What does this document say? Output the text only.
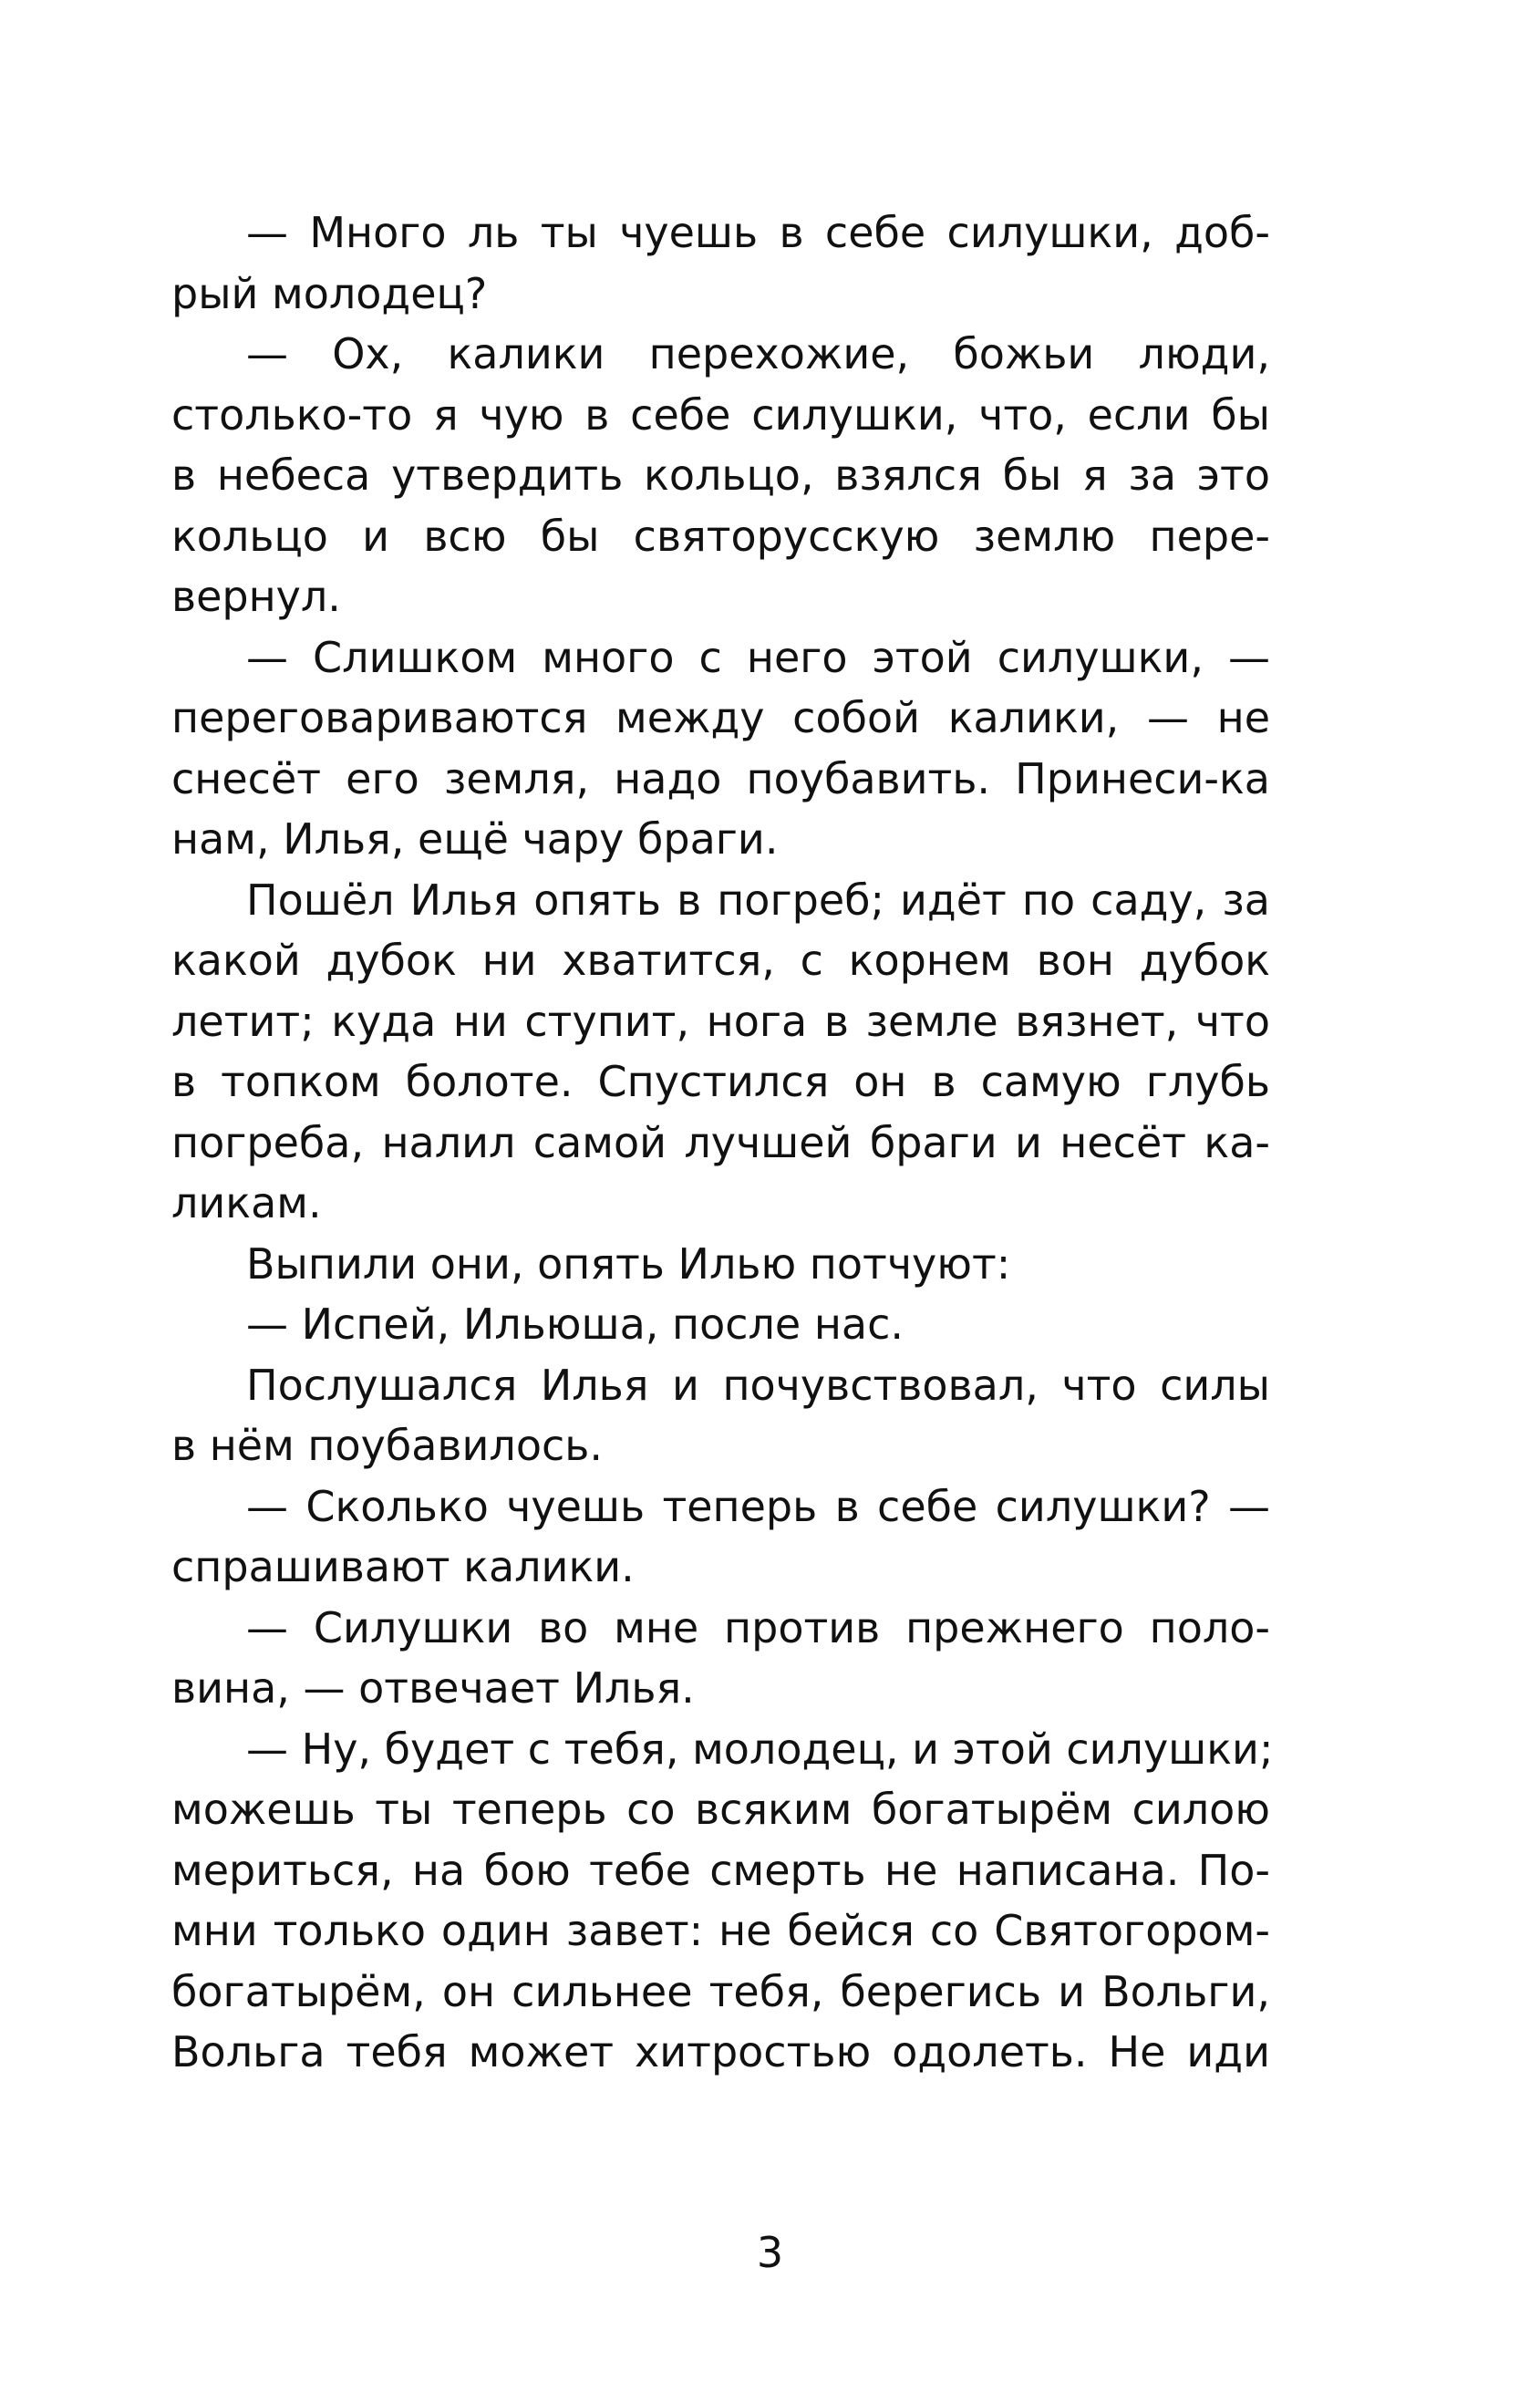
— Много ль ты чуешь в себе силушки, доб-
рый молодец?
— Ох, калики перехожие, божьи люди,
столько-то я чую в себе силушки, что, если бы
в небеса утвердить кольцо, взялся бы я за это
кольцо и всю бы святорусскую землю пере-
вернул.
— Слишком много с него этой силушки, —
переговариваются между собой калики, — не
снесёт его земля, надо поубавить. Принеси-ка
нам, Илья, ещё чару браги.
Пошёл Илья опять в погреб; идёт по саду, за
какой дубок ни хватится, с корнем вон дубок
летит; куда ни ступит, нога в земле вязнет, что
в топком болоте. Спустился он в самую глубь
погреба, налил самой лучшей браги и несёт ка-
ликам.
Выпили они, опять Илью потчуют:
— Испей, Ильюша, после нас.
Послушался Илья и почувствовал, что силы
в нём поубавилось.
— Сколько чуешь теперь в себе силушки? —
спрашивают калики.
— Силушки во мне против прежнего поло-
вина, — отвечает Илья.
— Ну, будет с тебя, молодец, и этой силушки;
можешь ты теперь со всяким богатырём силою
мериться, на бою тебе смерть не написана. По-
мни только один завет: не бейся со Святогором-
богатырём, он сильнее тебя, берегись и Вольги,
Вольга тебя может хитростью одолеть. Не иди
3
